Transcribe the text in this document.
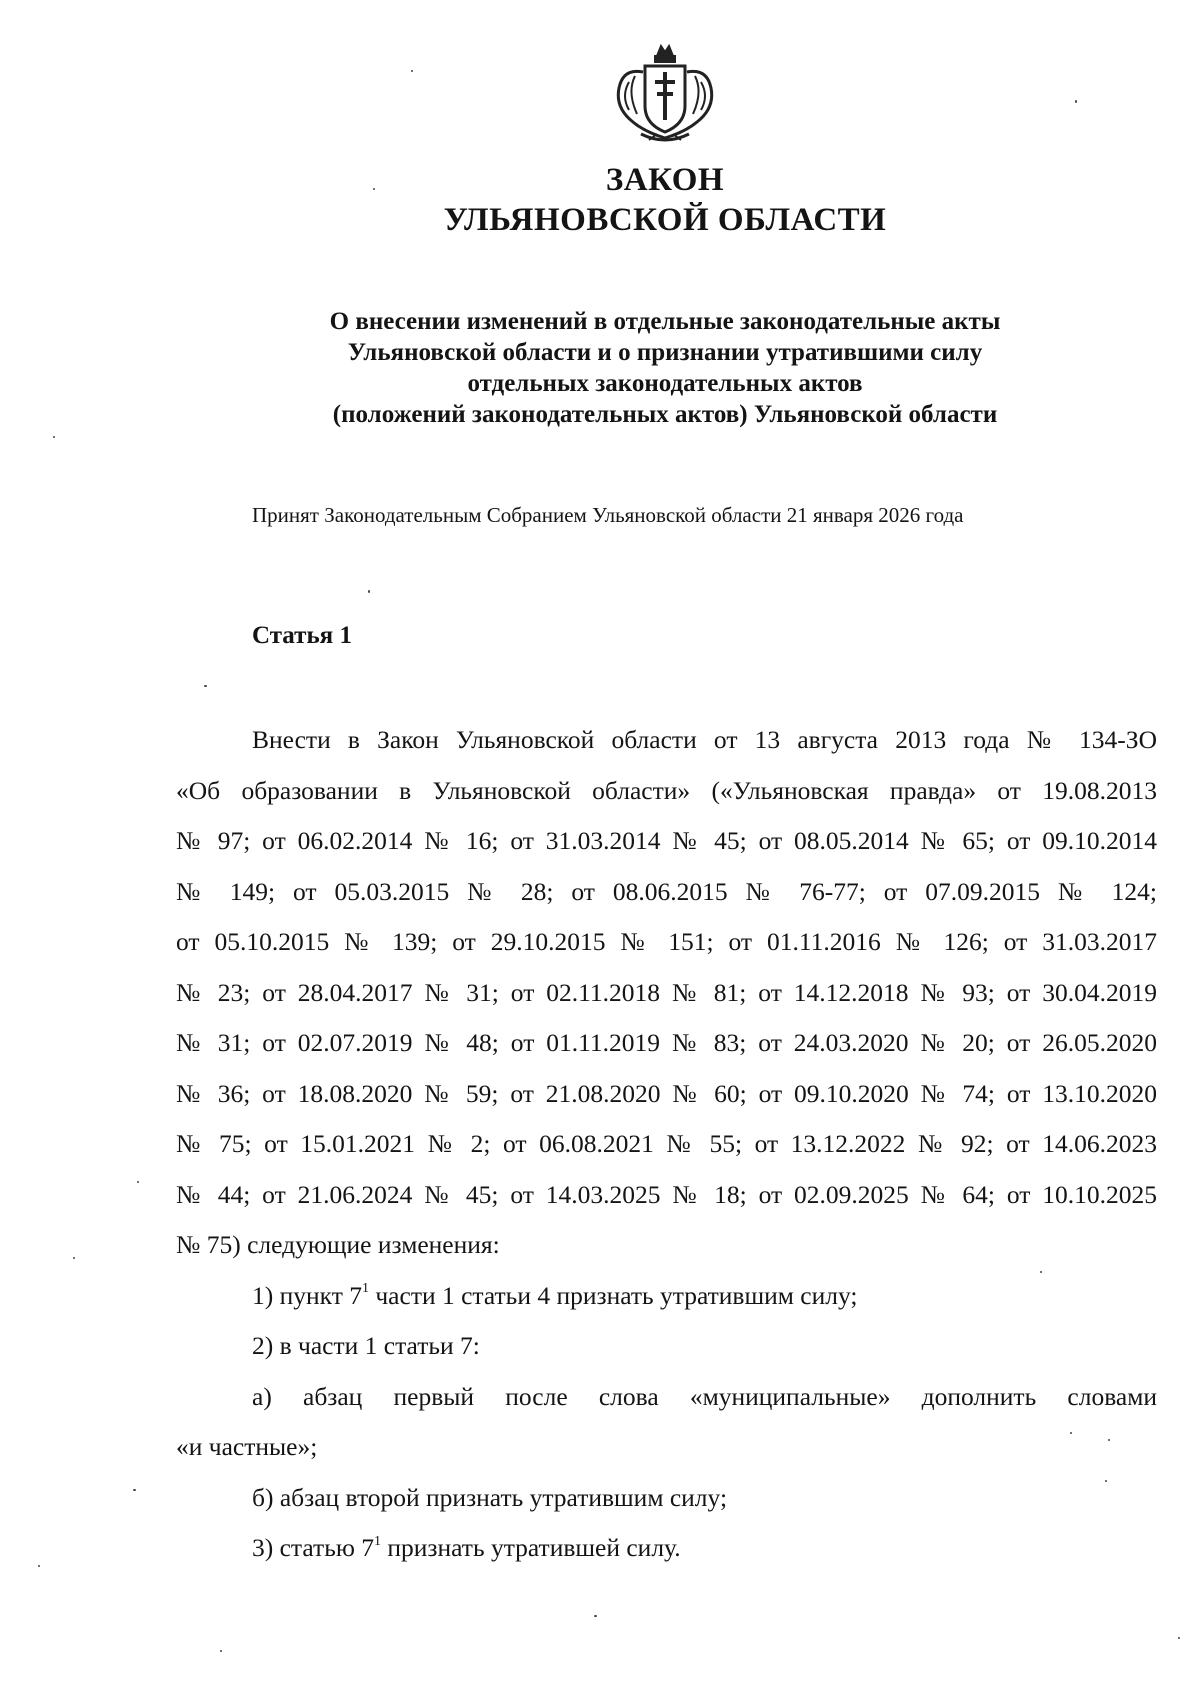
ЗАКОН
УЛЬЯНОВСКОЙ ОБЛАСТИ
О внесении изменений в отдельные законодательные акты
Ульяновской области и о признании утратившими силу
отдельных законодательных актов
(положений законодательных актов) Ульяновской области
Принят Законодательным Собранием Ульяновской области 21 января 2026 года
Статья 1

Внести в Закон Ульяновской области от 13 августа 2013 года № 134-ЗО

«Об образовании в Ульяновской области» («Ульяновская правда» от 19.08.2013

№ 97; от 06.02.2014 № 16; от 31.03.2014 № 45; от 08.05.2014 № 65; от 09.10.2014

№ 149; от 05.03.2015 № 28; от 08.06.2015 № 76-77; от 07.09.2015 № 124;

от 05.10.2015 № 139; от 29.10.2015 № 151; от 01.11.2016 № 126; от 31.03.2017

№ 23; от 28.04.2017 № 31; от 02.11.2018 № 81; от 14.12.2018 № 93; от 30.04.2019

№ 31; от 02.07.2019 № 48; от 01.11.2019 № 83; от 24.03.2020 № 20; от 26.05.2020

№ 36; от 18.08.2020 № 59; от 21.08.2020 № 60; от 09.10.2020 № 74; от 13.10.2020

№ 75; от 15.01.2021 № 2; от 06.08.2021 № 55; от 13.12.2022 № 92; от 14.06.2023

№ 44; от 21.06.2024 № 45; от 14.03.2025 № 18; от 02.09.2025 № 64; от 10.10.2025

№ 75) следующие изменения:

1) пункт $7^1$ части 1 статьи 4 признать утратившим силу;

2) в части 1 статьи 7:

а) абзац первый после слова «муниципальные» дополнить словами

«и частные»;

б) абзац второй признать утратившим силу;

3) статью $7^1$ признать утратившей силу.
